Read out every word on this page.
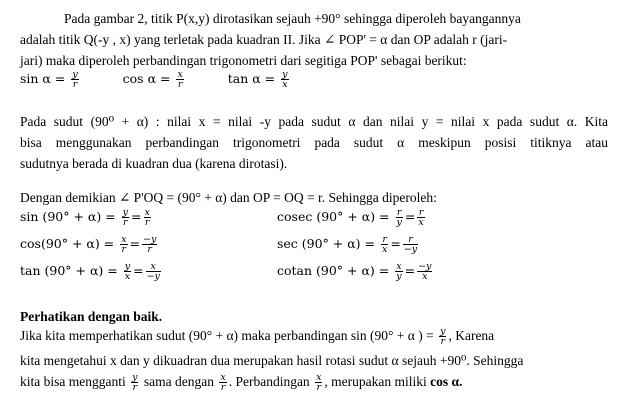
Pada gambar 2, titik P(x,y) dirotasikan sejauh +90° sehingga diperoleh bayangannya
adalah titik Q(-y , x) yang terletak pada kuadran II. Jika ∠ POP' = α dan OP adalah r (jari-
jari) maka diperoleh perbandingan trigonometri dari segitiga POP' sebagai berikut:
$\sin \alpha = \frac{y}{r}$	$\cos \alpha = \frac{x}{r}$	$\tan \alpha = \frac{y}{x}$
Pada sudut (90⁰ + α) : nilai x = nilai -y pada sudut α dan nilai y = nilai x pada sudut α. Kita
bisa menggunakan perbandingan trigonometri pada sudut α meskipun posisi titiknya atau
sudutnya berada di kuadran dua (karena dirotasi).
Dengan demikian ∠ P'OQ = (90° + α) dan OP = OQ = r. Sehingga diperoleh:
$\sin (90^\circ + \alpha) = \frac{y}{r} = \frac{x}{r}$	cosec $(90^\circ + \alpha) = \frac{r}{y} = \frac{r}{x}$
$\cos(90^\circ + \alpha) = \frac{x}{r} = \frac{-y}{r}$	$\sec (90^\circ + \alpha) = \frac{r}{x} = \frac{r}{-y}$
$\tan (90^\circ + \alpha) = \frac{y}{x} = \frac{x}{-y}$	cotan $(90^\circ + \alpha) = \frac{x}{y} = \frac{-y}{x}$
Perhatikan dengan baik.
Jika kita memperhatikan sudut (90° + α) maka perbandingan sin (90° + α ) = $\frac{y}{r}$ , Karena
kita mengetahui x dan y dikuadran dua merupakan hasil rotasi sudut α sejauh +90⁰. Sehingga
kita bisa mengganti $\frac{y}{r}$ sama dengan $\frac{x}{r}$ . Perbandingan $\frac{x}{r}$ , merupakan miliki cos α.
